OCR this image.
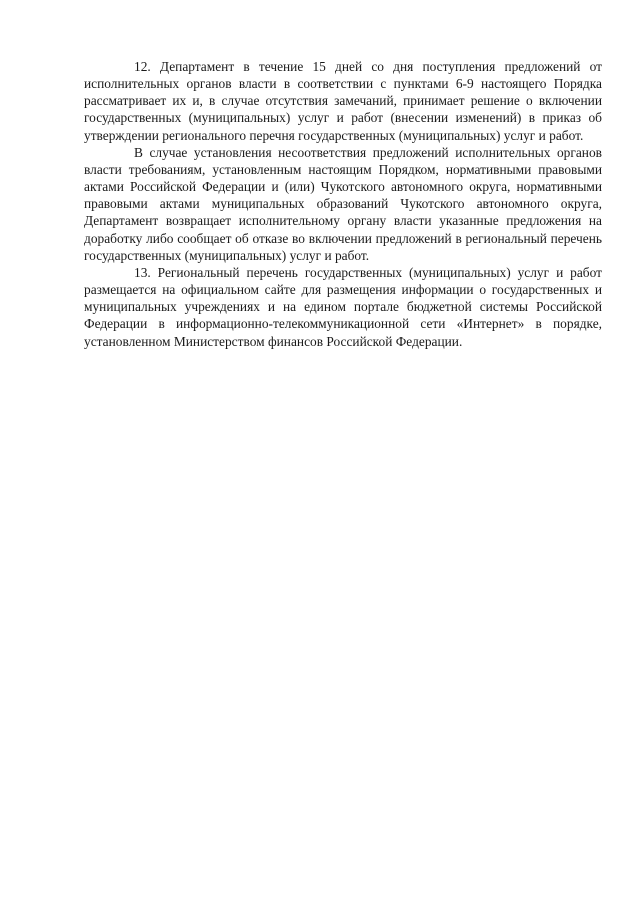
12. Департамент в течение 15 дней со дня поступления предложений от исполнительных органов власти в соответствии с пунктами 6-9 настоящего Порядка рассматривает их и, в случае отсутствия замечаний, принимает решение о включении государственных (муниципальных) услуг и работ (внесении изменений) в приказ об утверждении регионального перечня государственных (муниципальных) услуг и работ.

В случае установления несоответствия предложений исполнительных органов власти требованиям, установленным настоящим Порядком, нормативными правовыми актами Российской Федерации и (или) Чукотского автономного округа, нормативными правовыми актами муниципальных образований Чукотского автономного округа, Департамент возвращает исполнительному органу власти указанные предложения на доработку либо сообщает об отказе во включении предложений в региональный перечень государственных (муниципальных) услуг и работ.

13. Региональный перечень государственных (муниципальных) услуг и работ размещается на официальном сайте для размещения информации о государственных и муниципальных учреждениях и на едином портале бюджетной системы Российской Федерации в информационно-телекоммуникационной сети «Интернет» в порядке, установленном Министерством финансов Российской Федерации.
